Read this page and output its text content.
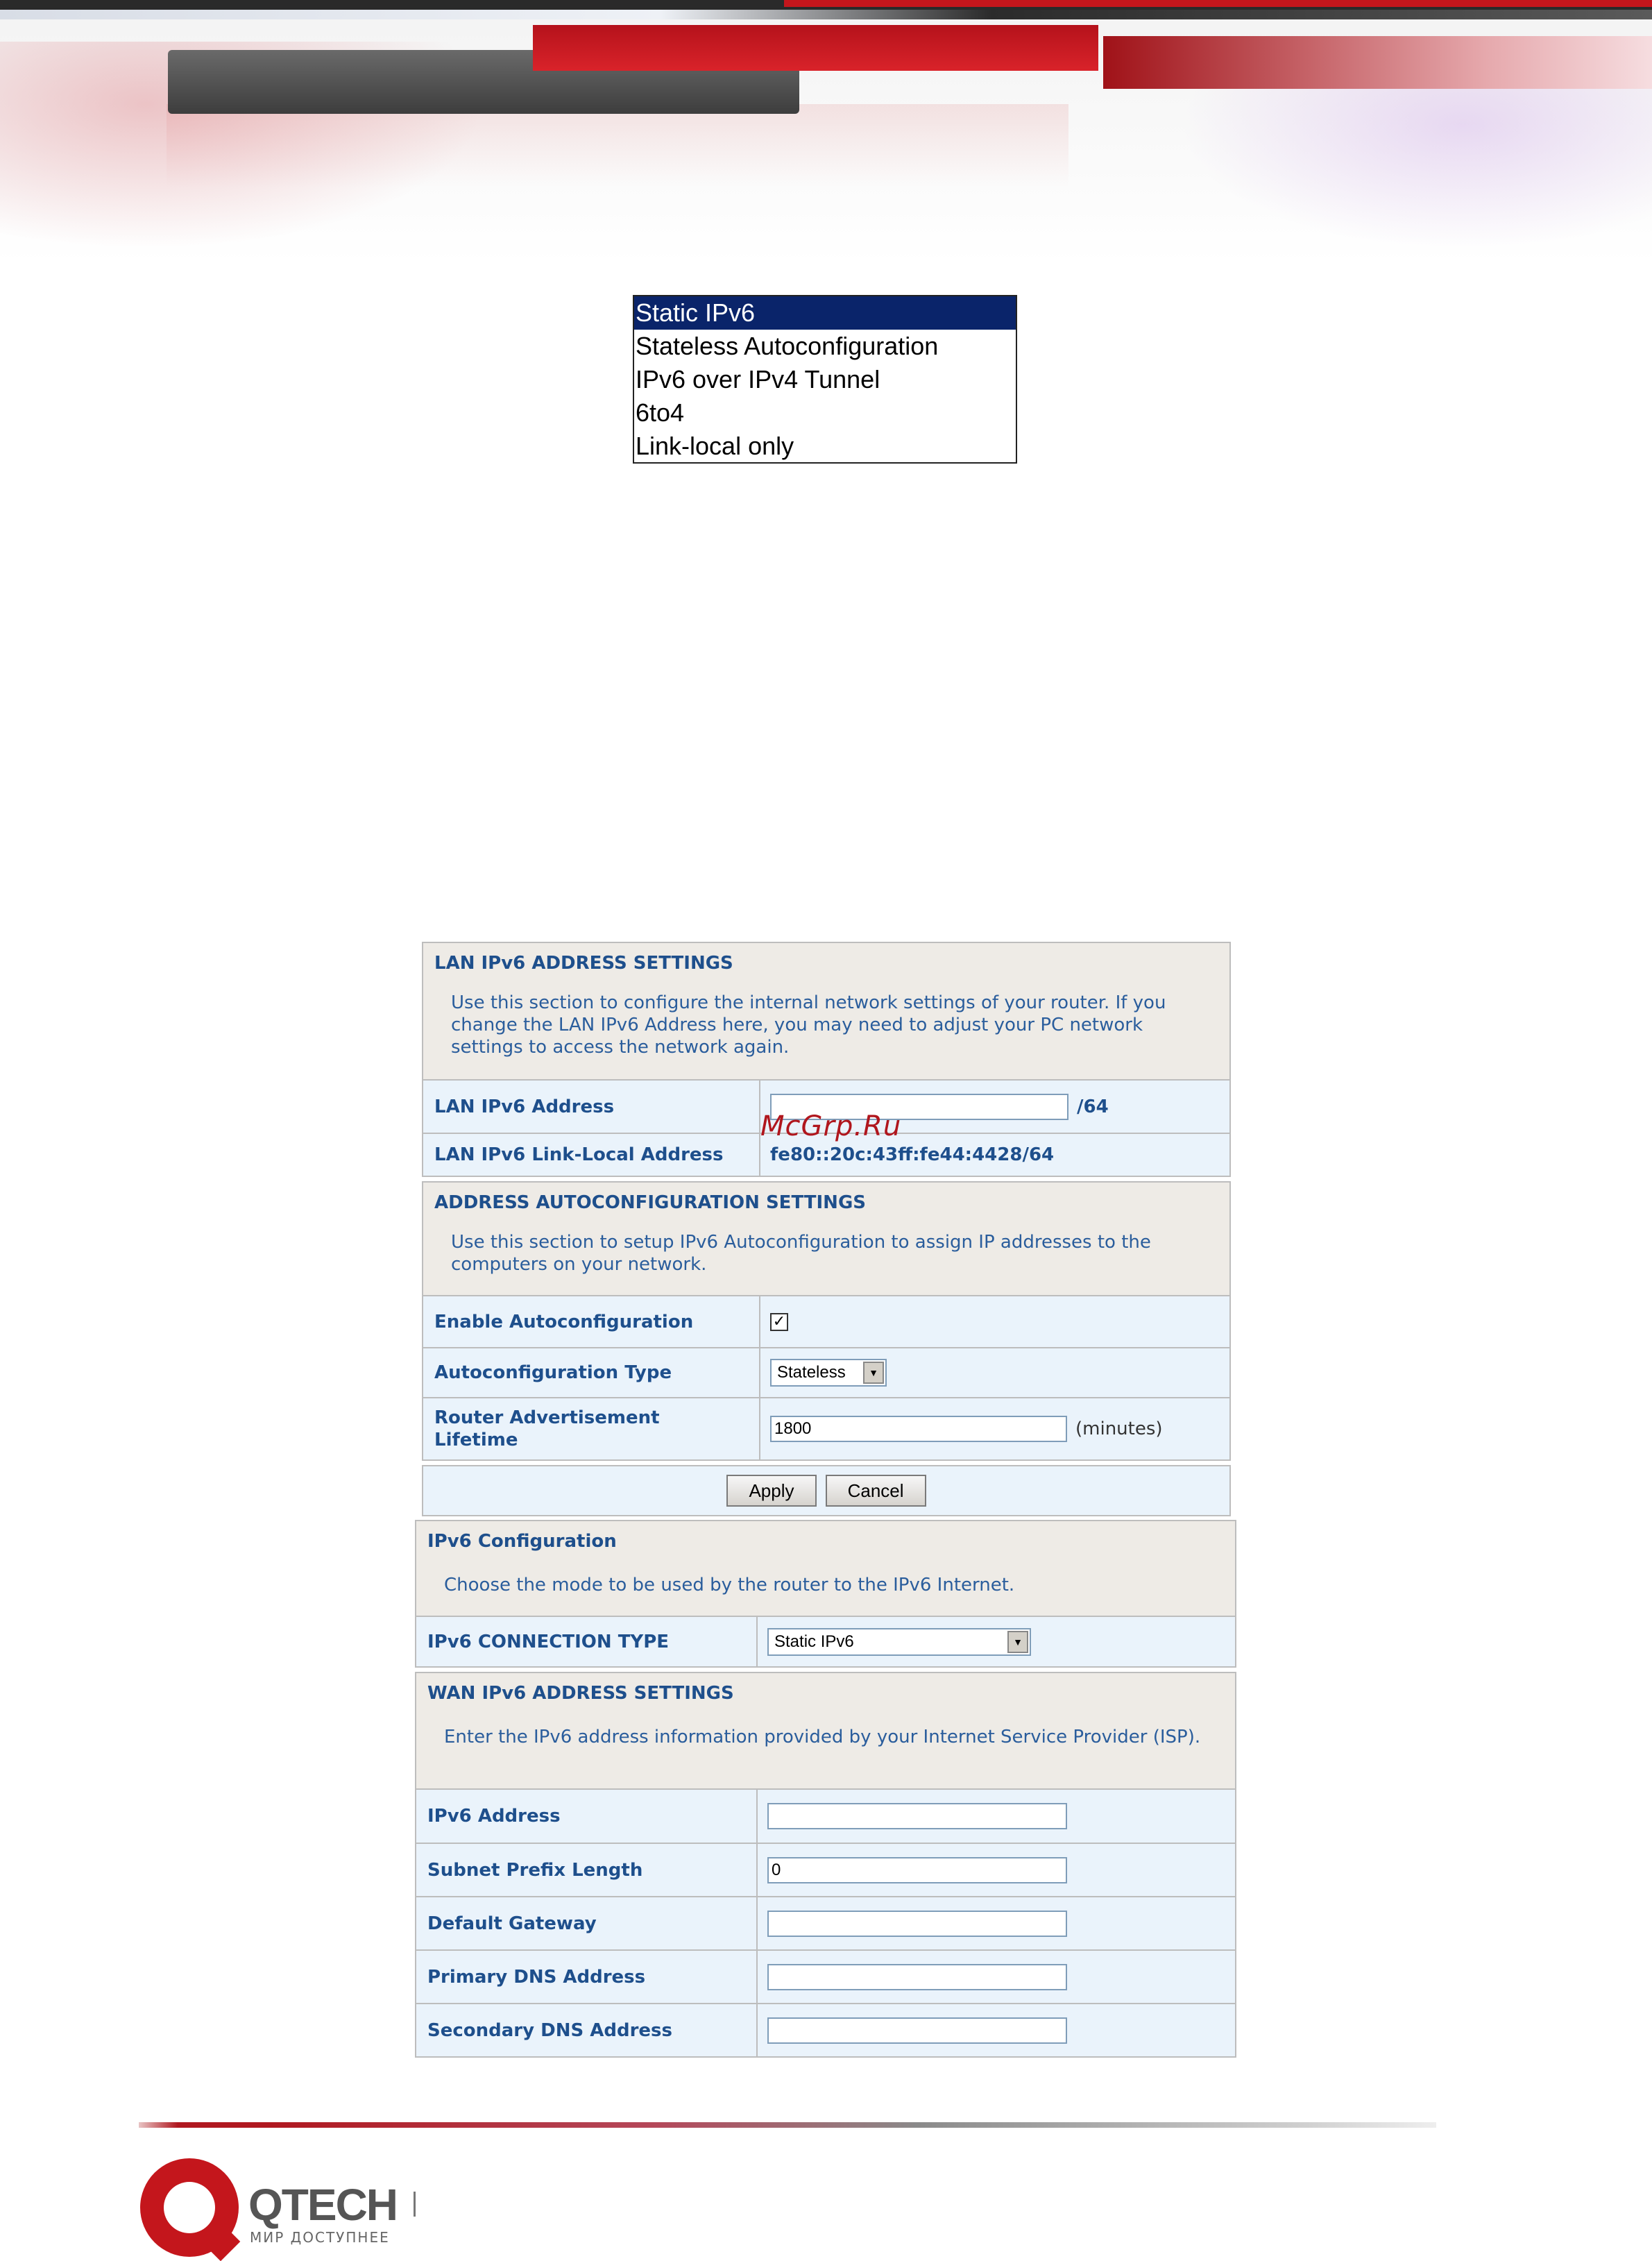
Static IPv6
Stateless Autoconfiguration
IPv6 over IPv4 Tunnel
6to4
Link-local only
LAN IPv6 ADDRESS SETTINGS
Use this section to configure the internal network settings of your router. If you change the LAN IPv6 Address here, you may need to adjust your PC network settings to access the network again.
LAN IPv6 Address	/64
LAN IPv6 Link-Local Address	fe80::20c:43ff:fe44:4428/64
ADDRESS AUTOCONFIGURATION SETTINGS
Use this section to setup IPv6 Autoconfiguration to assign IP addresses to the computers on your network.
Enable Autoconfiguration	✓
Autoconfiguration Type	Stateless ▼

Router Advertisement Lifetime	1800 (minutes)
Apply	Cancel
McGrp.Ru
IPv6 Configuration
Choose the mode to be used by the router to the IPv6 Internet.
IPv6 CONNECTION TYPE	Static IPv6	▼
WAN IPv6 ADDRESS SETTINGS
Enter the IPv6 address information provided by your Internet Service Provider (ISP).
IPv6 Address	
Subnet Prefix Length	0
Default Gateway	
Primary DNS Address	
Secondary DNS Address	
QTECH
МИР ДОСТУПНЕЕ
